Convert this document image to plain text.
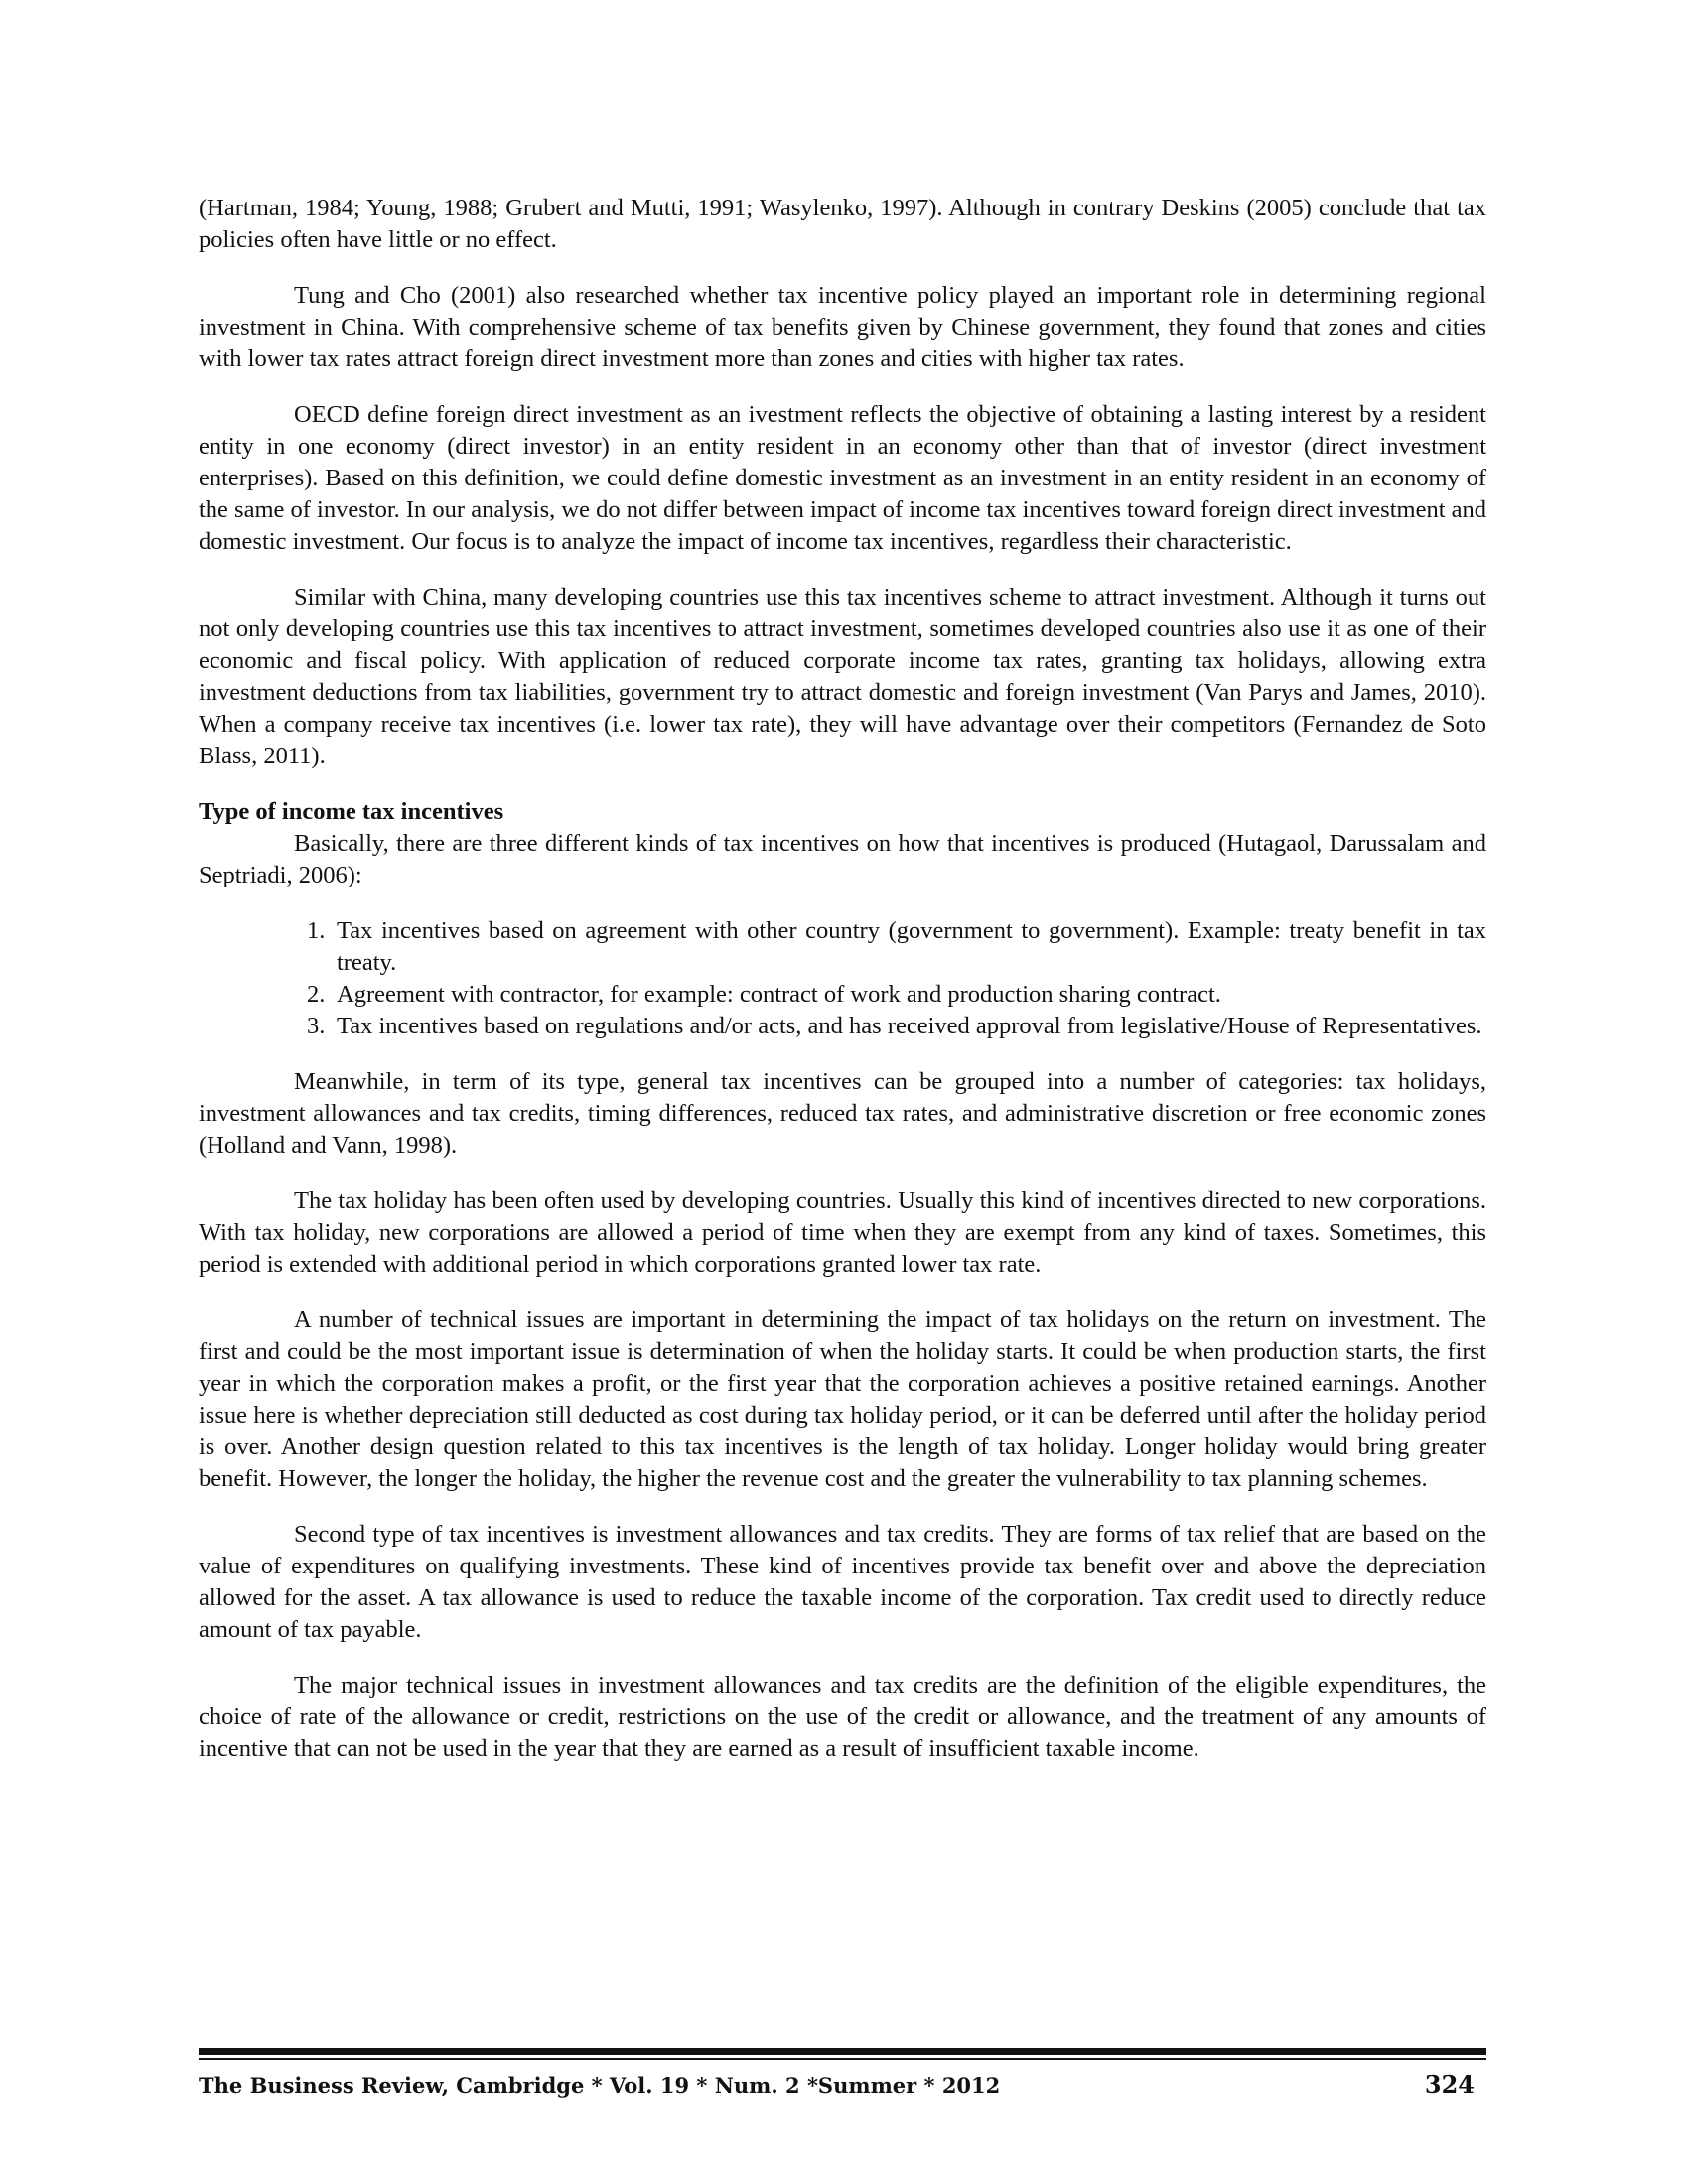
(Hartman, 1984; Young, 1988; Grubert and Mutti, 1991; Wasylenko, 1997). Although in contrary Deskins (2005) conclude that tax policies often have little or no effect.

Tung and Cho (2001) also researched whether tax incentive policy played an important role in determining regional investment in China. With comprehensive scheme of tax benefits given by Chinese government, they found that zones and cities with lower tax rates attract foreign direct investment more than zones and cities with higher tax rates.

OECD define foreign direct investment as an ivestment reflects the objective of obtaining a lasting interest by a resident entity in one economy (direct investor) in an entity resident in an economy other than that of investor (direct investment enterprises). Based on this definition, we could define domestic investment as an investment in an entity resident in an economy of the same of investor. In our analysis, we do not differ between impact of income tax incentives toward foreign direct investment and domestic investment. Our focus is to analyze the impact of income tax incentives, regardless their characteristic.

Similar with China, many developing countries use this tax incentives scheme to attract investment. Although it turns out not only developing countries use this tax incentives to attract investment, sometimes developed countries also use it as one of their economic and fiscal policy. With application of reduced corporate income tax rates, granting tax holidays, allowing extra investment deductions from tax liabilities, government try to attract domestic and foreign investment (Van Parys and James, 2010). When a company receive tax incentives (i.e. lower tax rate), they will have advantage over their competitors (Fernandez de Soto Blass, 2011).

Type of income tax incentives

Basically, there are three different kinds of tax incentives on how that incentives is produced (Hutagaol, Darussalam and Septriadi, 2006):

1. Tax incentives based on agreement with other country (government to government). Example: treaty benefit in tax treaty.
2. Agreement with contractor, for example: contract of work and production sharing contract.
3. Tax incentives based on regulations and/or acts, and has received approval from legislative/House of Representatives.

Meanwhile, in term of its type, general tax incentives can be grouped into a number of categories: tax holidays, investment allowances and tax credits, timing differences, reduced tax rates, and administrative discretion or free economic zones (Holland and Vann, 1998).

The tax holiday has been often used by developing countries. Usually this kind of incentives directed to new corporations. With tax holiday, new corporations are allowed a period of time when they are exempt from any kind of taxes. Sometimes, this period is extended with additional period in which corporations granted lower tax rate.

A number of technical issues are important in determining the impact of tax holidays on the return on investment. The first and could be the most important issue is determination of when the holiday starts. It could be when production starts, the first year in which the corporation makes a profit, or the first year that the corporation achieves a positive retained earnings. Another issue here is whether depreciation still deducted as cost during tax holiday period, or it can be deferred until after the holiday period is over. Another design question related to this tax incentives is the length of tax holiday. Longer holiday would bring greater benefit. However, the longer the holiday, the higher the revenue cost and the greater the vulnerability to tax planning schemes.

Second type of tax incentives is investment allowances and tax credits. They are forms of tax relief that are based on the value of expenditures on qualifying investments. These kind of incentives provide tax benefit over and above the depreciation allowed for the asset. A tax allowance is used to reduce the taxable income of the corporation. Tax credit used to directly reduce amount of tax payable.

The major technical issues in investment allowances and tax credits are the definition of the eligible expenditures, the choice of rate of the allowance or credit, restrictions on the use of the credit or allowance, and the treatment of any amounts of incentive that can not be used in the year that they are earned as a result of insufficient taxable income.

The Business Review, Cambridge * Vol. 19 * Num. 2 *Summer * 2012	324
